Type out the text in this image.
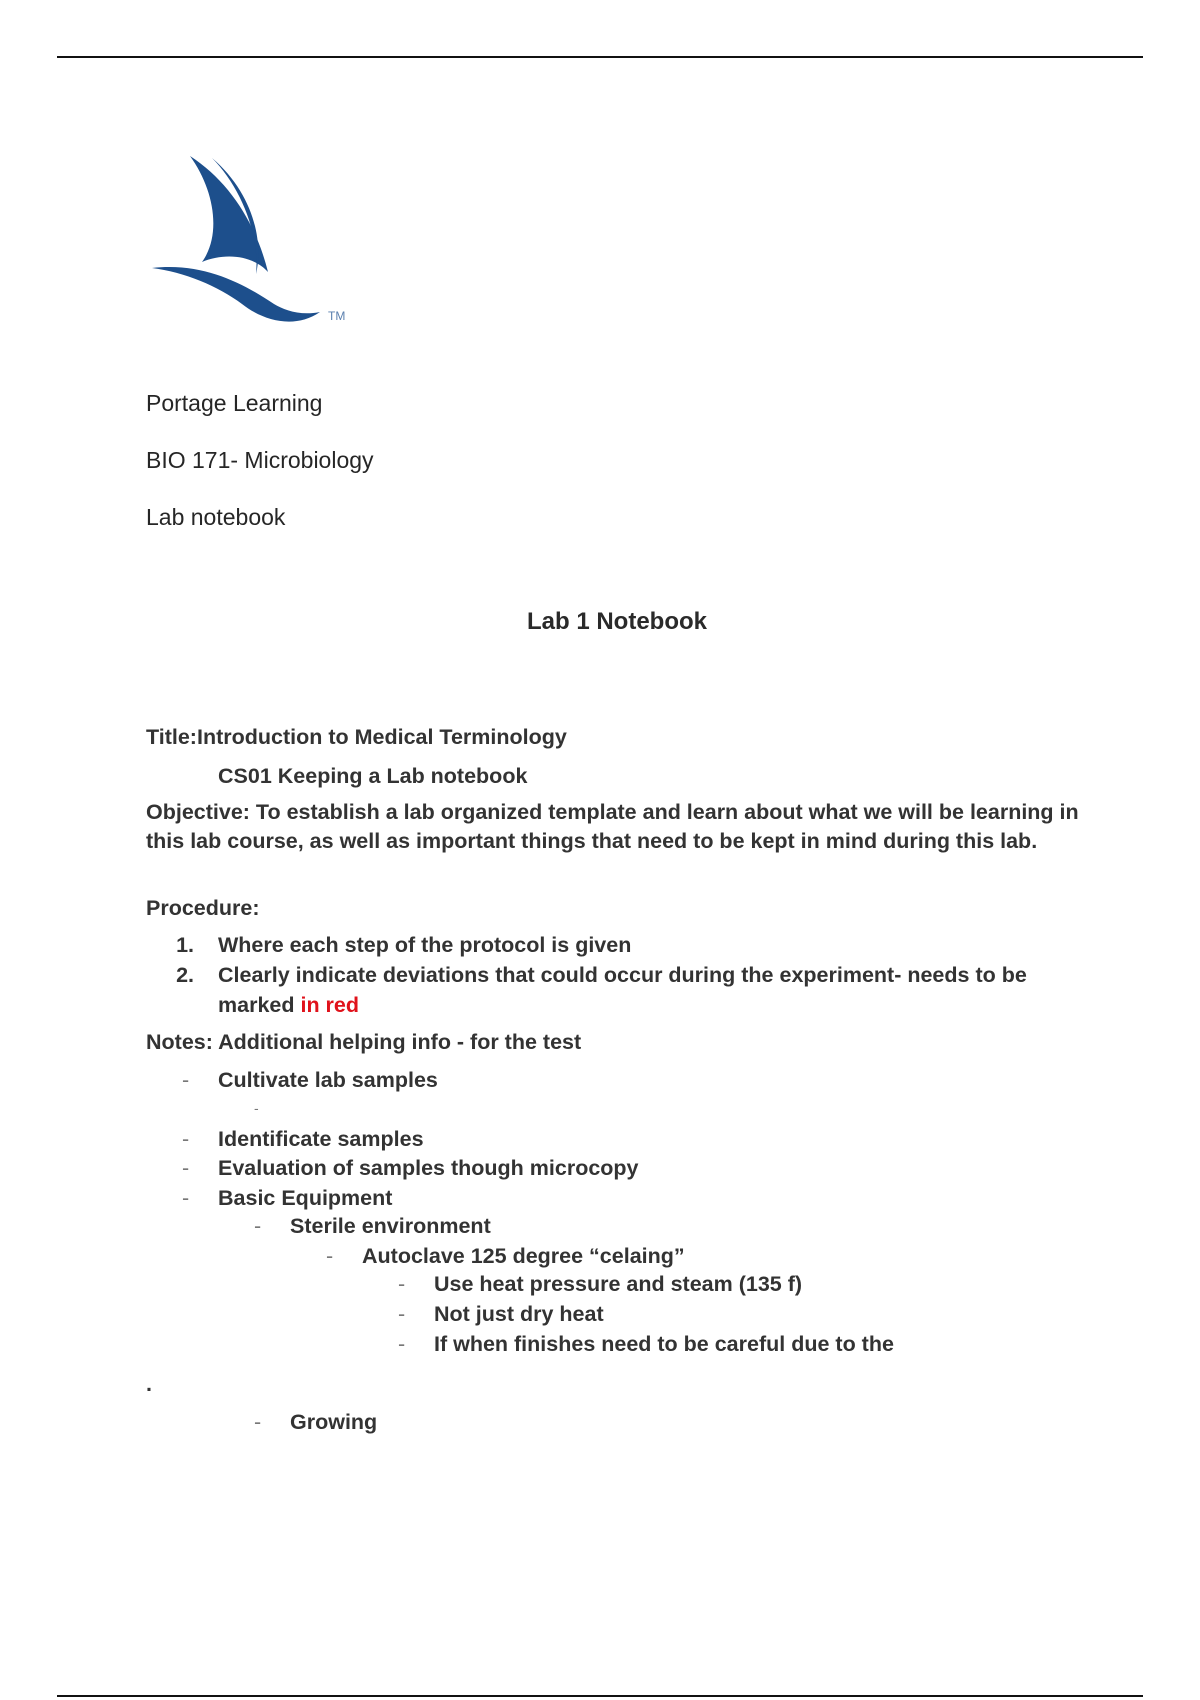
TM

Portage Learning

BIO 171- Microbiology

Lab notebook

Lab 1 Notebook

Title:Introduction to Medical Terminology

CS01 Keeping a Lab notebook

Objective: To establish a lab organized template and learn about what we will be learning in this lab course, as well as important things that need to be kept in mind during this lab.

Procedure:

1. Where each step of the protocol is given

2. Clearly indicate deviations that could occur during the experiment- needs to be

marked in red

Notes: Additional helping info - for the test

- Cultivate lab samples

-
- Identificate samples

- Evaluation of samples though microcopy

- Basic Equipment

- Sterile environment

- Autoclave 125 degree “celaing”

- Use heat pressure and steam (135 f)

- Not just dry heat

- If when finishes need to be careful due to the

.
- Growing
